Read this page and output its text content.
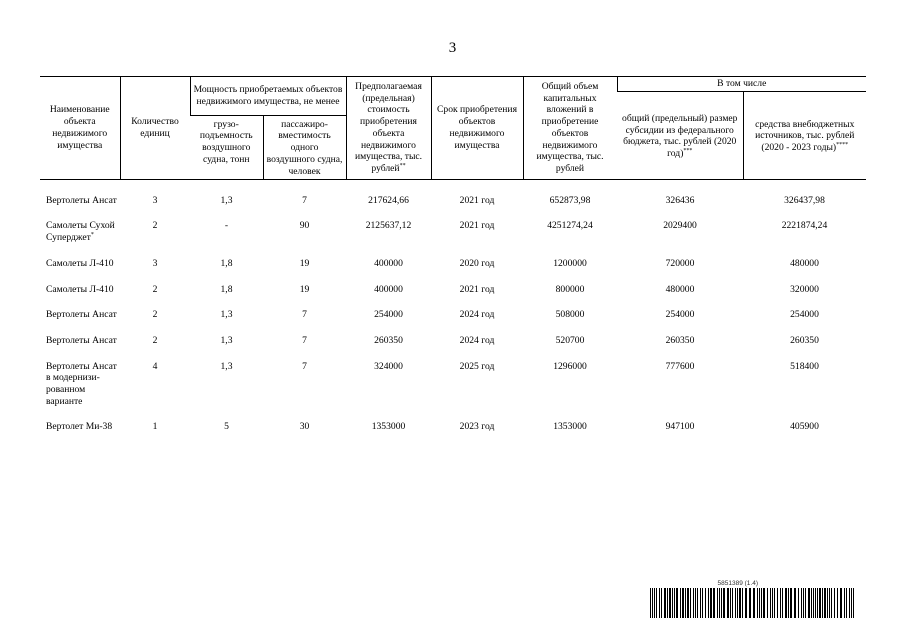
3
Наименование объекта недвижимого имущества	Количество единиц	Мощность приобретаемых объектов недвижимого имущества, не менее		Предполагаемая (предельная) стоимость приобретения объекта недвижимого имущества, тыс. рублей**	Срок приобретения объектов недвижимого имущества	Общий объем капитальных вложений в приобретение объектов недвижимого имущества, тыс. рублей	В том числе	
							общий (предельный) размер субсидии из федерального бюджета, тыс. рублей (2020 год)***	средства внебюджетных источников, тыс. рублей (2020 - 2023 годы)****
		грузо-подъемность воздушного судна, тонн	пассажиро-вместимость одного воздушного судна, человек					
Вертолеты Ансат	3	1,3	7	217624,66	2021 год	652873,98	326436	326437,98
Самолеты Сухой Суперджет*	2	-	90	2125637,12	2021 год	4251274,24	2029400	2221874,24
Самолеты Л-410	3	1,8	19	400000	2020 год	1200000	720000	480000
Самолеты Л-410	2	1,8	19	400000	2021 год	800000	480000	320000
Вертолеты Ансат	2	1,3	7	254000	2024 год	508000	254000	254000
Вертолеты Ансат	2	1,3	7	260350	2024 год	520700	260350	260350
Вертолеты Ансат в модернизи-рованном варианте	4	1,3	7	324000	2025 год	1296000	777600	518400
Вертолет Ми-38	1	5	30	1353000	2023 год	1353000	947100	405900
5851389 (1.4)
